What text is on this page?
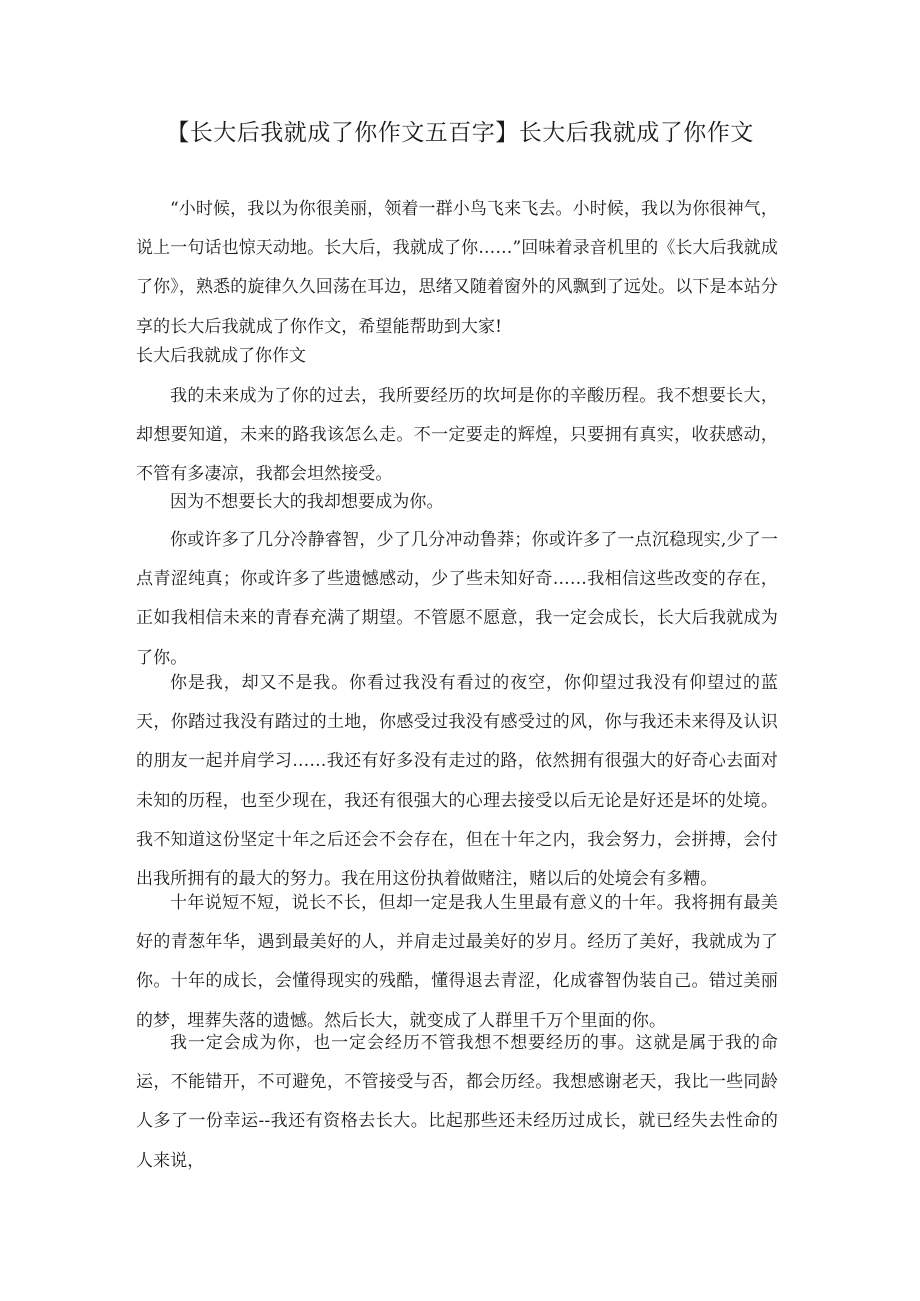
【长大后我就成了你作文五百字】长大后我就成了你作文

“小时候，我以为你很美丽，领着一群小鸟飞来飞去。小时候，我以为你很神气，说上一句话也惊天动地。长大后，我就成了你……”回味着录音机里的《长大后我就成了你》，熟悉的旋律久久回荡在耳边，思绪又随着窗外的风飘到了远处。以下是本站分享的长大后我就成了你作文，希望能帮助到大家!

长大后我就成了你作文

我的未来成为了你的过去，我所要经历的坎坷是你的辛酸历程。我不想要长大，却想要知道，未来的路我该怎么走。不一定要走的辉煌，只要拥有真实，收获感动，不管有多凄凉，我都会坦然接受。

因为不想要长大的我却想要成为你。

你或许多了几分冷静睿智，少了几分冲动鲁莽；你或许多了一点沉稳现实,少了一点青涩纯真；你或许多了些遗憾感动，少了些未知好奇……我相信这些改变的存在，正如我相信未来的青春充满了期望。不管愿不愿意，我一定会成长，长大后我就成为了你。

你是我，却又不是我。你看过我没有看过的夜空，你仰望过我没有仰望过的蓝天，你踏过我没有踏过的土地，你感受过我没有感受过的风，你与我还未来得及认识的朋友一起并肩学习……我还有好多没有走过的路，依然拥有很强大的好奇心去面对未知的历程，也至少现在，我还有很强大的心理去接受以后无论是好还是坏的处境。我不知道这份坚定十年之后还会不会存在，但在十年之内，我会努力，会拼搏，会付出我所拥有的最大的努力。我在用这份执着做赌注，赌以后的处境会有多糟。

十年说短不短，说长不长，但却一定是我人生里最有意义的十年。我将拥有最美好的青葱年华，遇到最美好的人，并肩走过最美好的岁月。经历了美好，我就成为了你。十年的成长，会懂得现实的残酷，懂得退去青涩，化成睿智伪装自己。错过美丽的梦，埋葬失落的遗憾。然后长大，就变成了人群里千万个里面的你。

我一定会成为你，也一定会经历不管我想不想要经历的事。这就是属于我的命运，不能错开，不可避免，不管接受与否，都会历经。我想感谢老天，我比一些同龄人多了一份幸运--我还有资格去长大。比起那些还未经历过成长，就已经失去性命的人来说，
